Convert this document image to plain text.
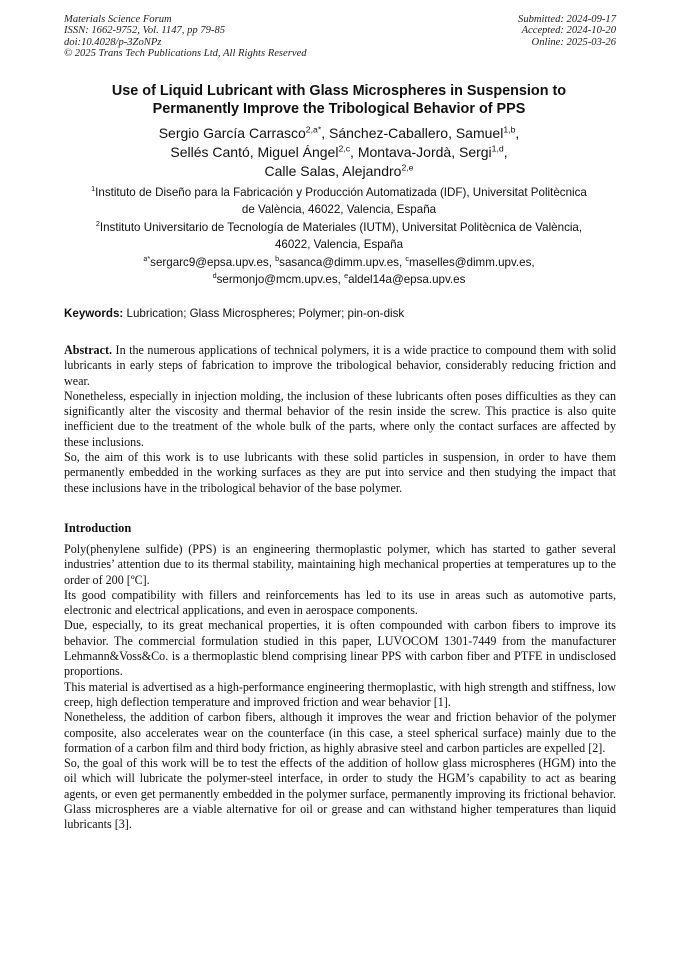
Materials Science Forum
ISSN: 1662-9752, Vol. 1147, pp 79-85
doi:10.4028/p-3ZoNPz
© 2025 Trans Tech Publications Ltd, All Rights Reserved
Submitted: 2024-09-17
Accepted: 2024-10-20
Online: 2025-03-26
Use of Liquid Lubricant with Glass Microspheres in Suspension to
Permanently Improve the Tribological Behavior of PPS
Sergio García Carrasco$^{2,a*}$, Sánchez-Caballero, Samuel$^{1,b}$,
Sellés Cantó, Miguel Ángel$^{2,c}$, Montava-Jordà, Sergi$^{1,d}$,
Calle Salas, Alejandro$^{2,e}$
$^1$Instituto de Diseño para la Fabricación y Producción Automatizada (IDF), Universitat Politècnica
de València, 46022, Valencia, España
$^2$Instituto Universitario de Tecnología de Materiales (IUTM), Universitat Politècnica de València,
46022, Valencia, España
$^{a*}$sergarc9@epsa.upv.es, $^b$sasanca@dimm.upv.es, $^c$maselles@dimm.upv.es,
$^d$sermonjo@mcm.upv.es, $^e$aldel14a@epsa.upv.es
Keywords: Lubrication; Glass Microspheres; Polymer; pin-on-disk

Abstract. In the numerous applications of technical polymers, it is a wide practice to compound them with solid lubricants in early steps of fabrication to improve the tribological behavior, considerably reducing friction and wear.

Nonetheless, especially in injection molding, the inclusion of these lubricants often poses difficulties as they can significantly alter the viscosity and thermal behavior of the resin inside the screw. This practice is also quite inefficient due to the treatment of the whole bulk of the parts, where only the contact surfaces are affected by these inclusions.

So, the aim of this work is to use lubricants with these solid particles in suspension, in order to have them permanently embedded in the working surfaces as they are put into service and then studying the impact that these inclusions have in the tribological behavior of the base polymer.

Introduction

Poly(phenylene sulfide) (PPS) is an engineering thermoplastic polymer, which has started to gather several industries’ attention due to its thermal stability, maintaining high mechanical properties at temperatures up to the order of 200 [ºC].

Its good compatibility with fillers and reinforcements has led to its use in areas such as automotive parts, electronic and electrical applications, and even in aerospace components.

Due, especially, to its great mechanical properties, it is often compounded with carbon fibers to improve its behavior. The commercial formulation studied in this paper, LUVOCOM 1301-7449 from the manufacturer Lehmann&Voss&Co. is a thermoplastic blend comprising linear PPS with carbon fiber and PTFE in undisclosed proportions.

This material is advertised as a high-performance engineering thermoplastic, with high strength and stiffness, low creep, high deflection temperature and improved friction and wear behavior [1].

Nonetheless, the addition of carbon fibers, although it improves the wear and friction behavior of the polymer composite, also accelerates wear on the counterface (in this case, a steel spherical surface) mainly due to the formation of a carbon film and third body friction, as highly abrasive steel and carbon particles are expelled [2].

So, the goal of this work will be to test the effects of the addition of hollow glass microspheres (HGM) into the oil which will lubricate the polymer-steel interface, in order to study the HGM’s capability to act as bearing agents, or even get permanently embedded in the polymer surface, permanently improving its frictional behavior. Glass microspheres are a viable alternative for oil or grease and can withstand higher temperatures than liquid lubricants [3].
